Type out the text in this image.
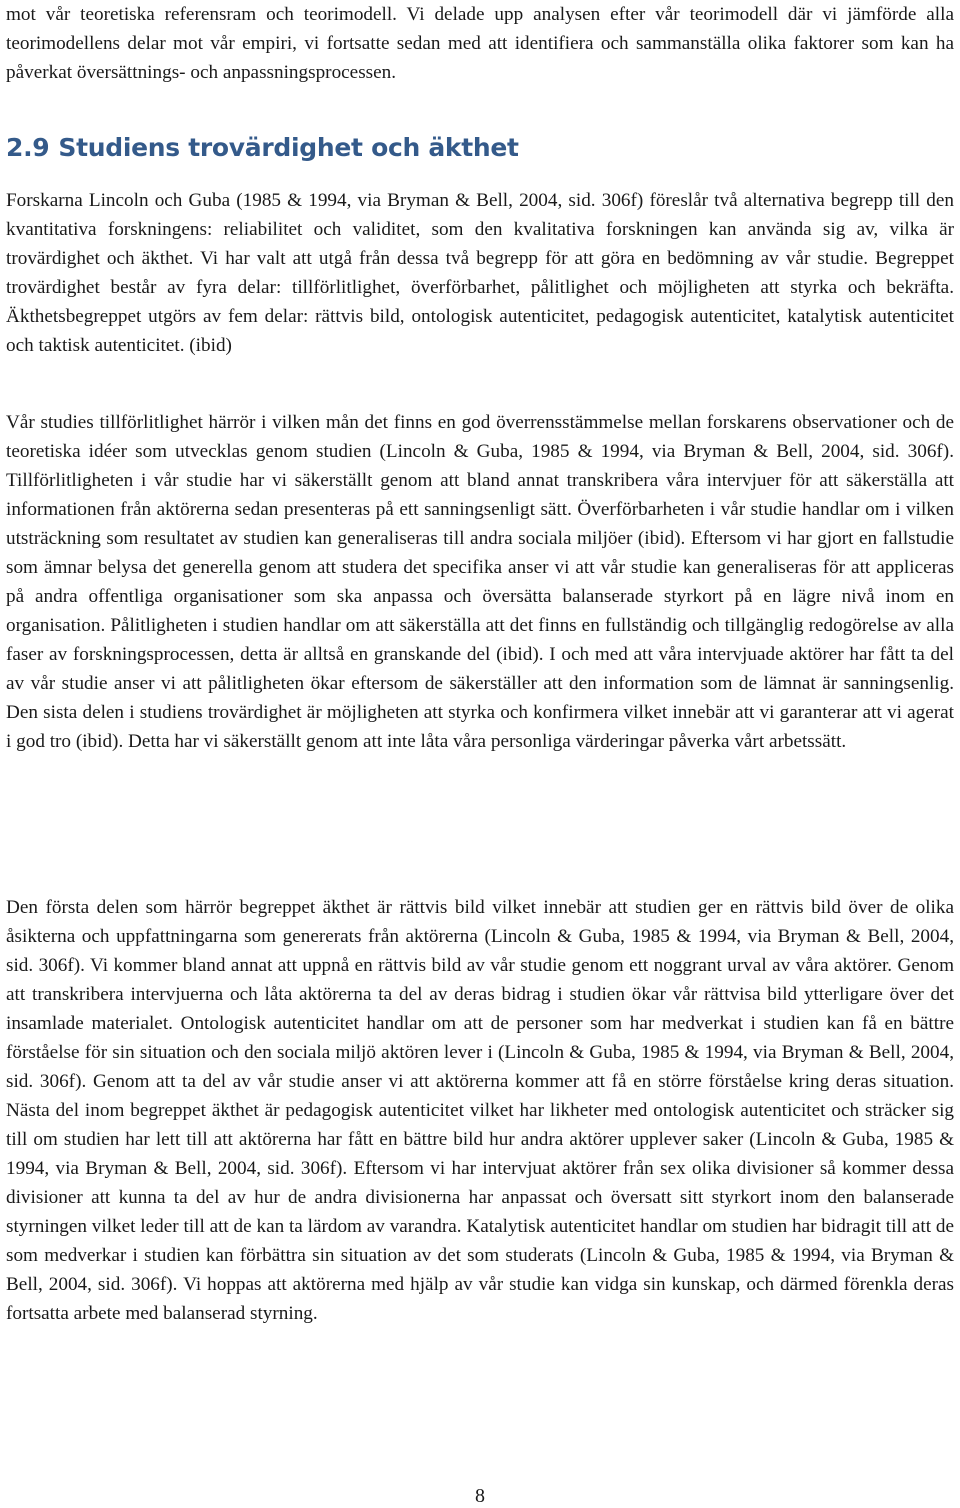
mot vår teoretiska referensram och teorimodell. Vi delade upp analysen efter vår teorimodell där vi jämförde alla teorimodellens delar mot vår empiri, vi fortsatte sedan med att identifiera och sammanställa olika faktorer som kan ha påverkat översättnings- och anpassningsprocessen.

2.9 Studiens trovärdighet och äkthet

Forskarna Lincoln och Guba (1985 & 1994, via Bryman & Bell, 2004, sid. 306f) föreslår två alternativa begrepp till den kvantitativa forskningens: reliabilitet och validitet, som den kvalitativa forskningen kan använda sig av, vilka är trovärdighet och äkthet. Vi har valt att utgå från dessa två begrepp för att göra en bedömning av vår studie. Begreppet trovärdighet består av fyra delar: tillförlitlighet, överförbarhet, pålitlighet och möjligheten att styrka och bekräfta. Äkthetsbegreppet utgörs av fem delar: rättvis bild, ontologisk autenticitet, pedagogisk autenticitet, katalytisk autenticitet och taktisk autenticitet. (ibid)

Vår studies tillförlitlighet härrör i vilken mån det finns en god överrensstämmelse mellan forskarens observationer och de teoretiska idéer som utvecklas genom studien (Lincoln & Guba, 1985 & 1994, via Bryman & Bell, 2004, sid. 306f). Tillförlitligheten i vår studie har vi säkerställt genom att bland annat transkribera våra intervjuer för att säkerställa att informationen från aktörerna sedan presenteras på ett sanningsenligt sätt. Överförbarheten i vår studie handlar om i vilken utsträckning som resultatet av studien kan generaliseras till andra sociala miljöer (ibid). Eftersom vi har gjort en fallstudie som ämnar belysa det generella genom att studera det specifika anser vi att vår studie kan generaliseras för att appliceras på andra offentliga organisationer som ska anpassa och översätta balanserade styrkort på en lägre nivå inom en organisation. Pålitligheten i studien handlar om att säkerställa att det finns en fullständig och tillgänglig redogörelse av alla faser av forskningsprocessen, detta är alltså en granskande del (ibid). I och med att våra intervjuade aktörer har fått ta del av vår studie anser vi att pålitligheten ökar eftersom de säkerställer att den information som de lämnat är sanningsenlig. Den sista delen i studiens trovärdighet är möjligheten att styrka och konfirmera vilket innebär att vi garanterar att vi agerat i god tro (ibid). Detta har vi säkerställt genom att inte låta våra personliga värderingar påverka vårt arbetssätt.

Den första delen som härrör begreppet äkthet är rättvis bild vilket innebär att studien ger en rättvis bild över de olika åsikterna och uppfattningarna som genererats från aktörerna (Lincoln & Guba, 1985 & 1994, via Bryman & Bell, 2004, sid. 306f). Vi kommer bland annat att uppnå en rättvis bild av vår studie genom ett noggrant urval av våra aktörer. Genom att transkribera intervjuerna och låta aktörerna ta del av deras bidrag i studien ökar vår rättvisa bild ytterligare över det insamlade materialet. Ontologisk autenticitet handlar om att de personer som har medverkat i studien kan få en bättre förståelse för sin situation och den sociala miljö aktören lever i (Lincoln & Guba, 1985 & 1994, via Bryman & Bell, 2004, sid. 306f). Genom att ta del av vår studie anser vi att aktörerna kommer att få en större förståelse kring deras situation. Nästa del inom begreppet äkthet är pedagogisk autenticitet vilket har likheter med ontologisk autenticitet och sträcker sig till om studien har lett till att aktörerna har fått en bättre bild hur andra aktörer upplever saker (Lincoln & Guba, 1985 & 1994, via Bryman & Bell, 2004, sid. 306f). Eftersom vi har intervjuat aktörer från sex olika divisioner så kommer dessa divisioner att kunna ta del av hur de andra divisionerna har anpassat och översatt sitt styrkort inom den balanserade styrningen vilket leder till att de kan ta lärdom av varandra. Katalytisk autenticitet handlar om studien har bidragit till att de som medverkar i studien kan förbättra sin situation av det som studerats (Lincoln & Guba, 1985 & 1994, via Bryman & Bell, 2004, sid. 306f). Vi hoppas att aktörerna med hjälp av vår studie kan vidga sin kunskap, och därmed förenkla deras fortsatta arbete med balanserad styrning.

8
